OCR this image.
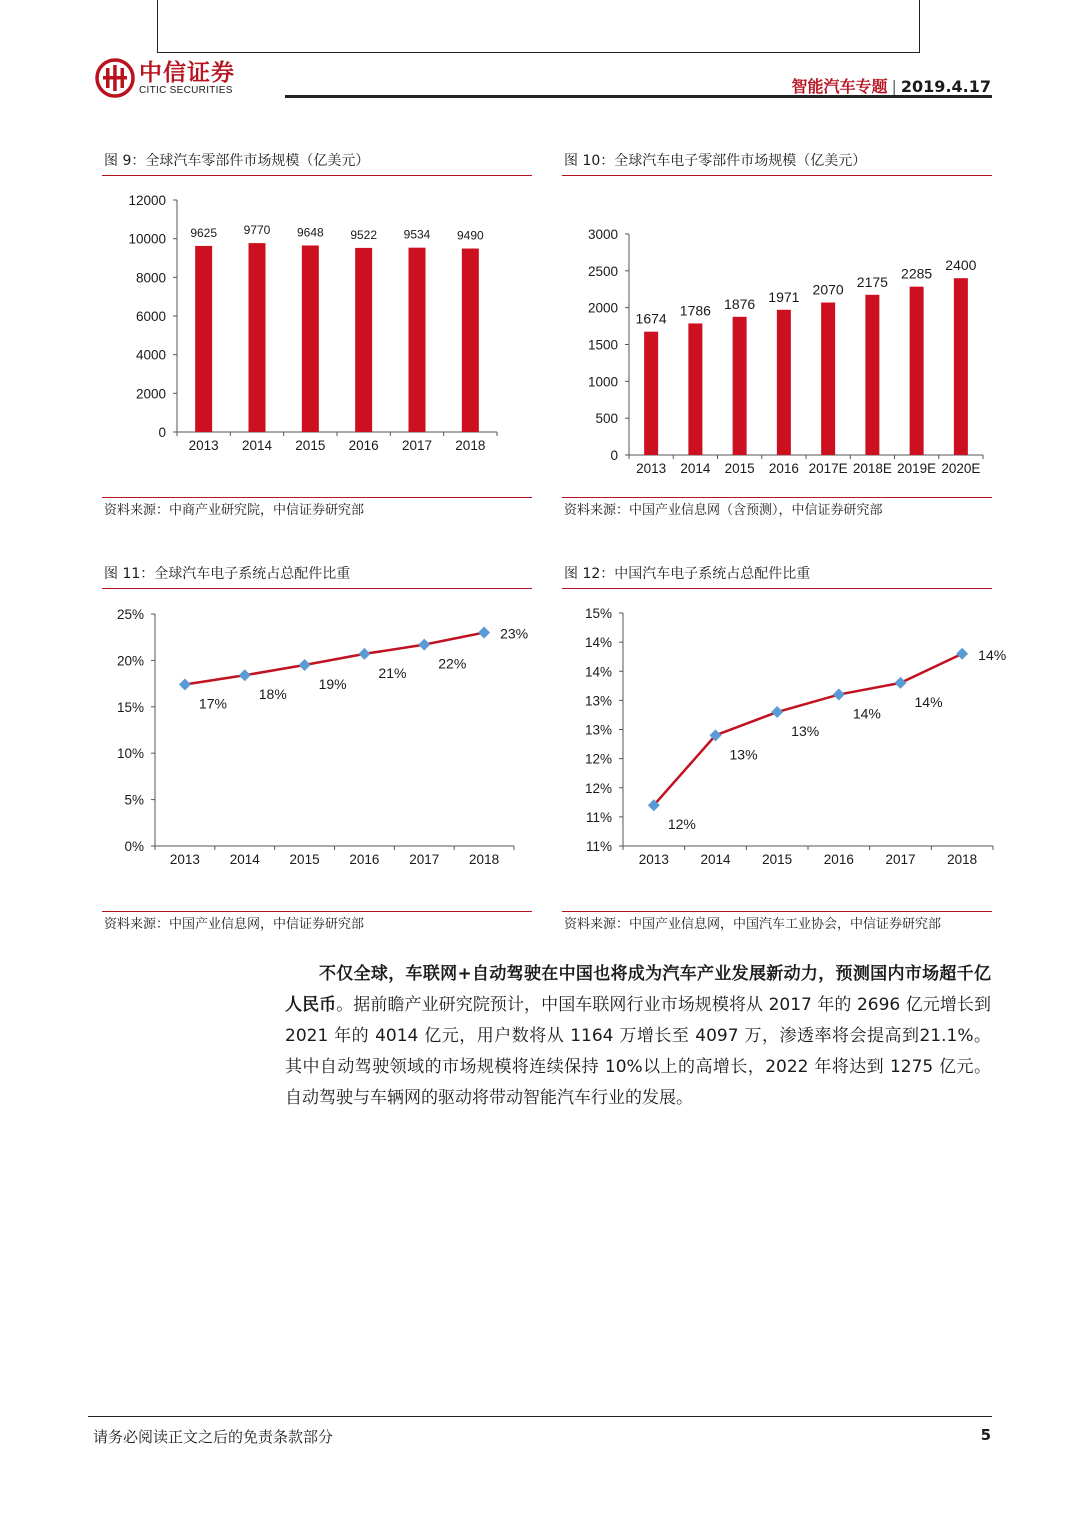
中信证券
CITIC SECURITIES	智能汽车专题 | 2019.4.17
图 9：全球汽车零部件市场规模（亿美元）
0
2000
4000
6000
8000
10000
12000
2013 2014 2015 2016 2017 2018
9625 9770 9648 9522 9534 9490
资料来源：中商产业研究院，中信证券研究部
图 10：全球汽车电子零部件市场规模（亿美元）
0
500
1000
1500
2000
2500
3000
2013 2014 2015 2016 2017E 2018E 2019E 2020E
1674
1786 1876 1971 2070 2175
2285
2400
资料来源：中国产业信息网（含预测），中信证券研究部
图 11：全球汽车电子系统占总配件比重
0%
5%
10%
15%
20%
25%
2013 2014 2015 2016 2017 2018
17%
18%
19%
21%
22%
23%
资料来源：中国产业信息网，中信证券研究部
图 12：中国汽车电子系统占总配件比重
11%
11%
12%
12%
13%
13%
14%
14%
15%
2013 2014 2015 2016 2017 2018
12%
13%
13%
14%
14%
14%
资料来源：中国产业信息网，中国汽车工业协会，中信证券研究部

不仅全球，车联网+自动驾驶在中国也将成为汽车产业发展新动力，预测国内市场超千亿人民币。据前瞻产业研究院预计，中国车联网行业市场规模将从 2017 年的 2696 亿元增长到 2021 年的 4014 亿元，用户数将从 1164 万增长至 4097 万，渗透率将会提高到21.1%。其中自动驾驶领域的市场规模将连续保持 10%以上的高增长，2022 年将达到 1275 亿元。自动驾驶与车辆网的驱动将带动智能汽车行业的发展。

请务必阅读正文之后的免责条款部分	5
